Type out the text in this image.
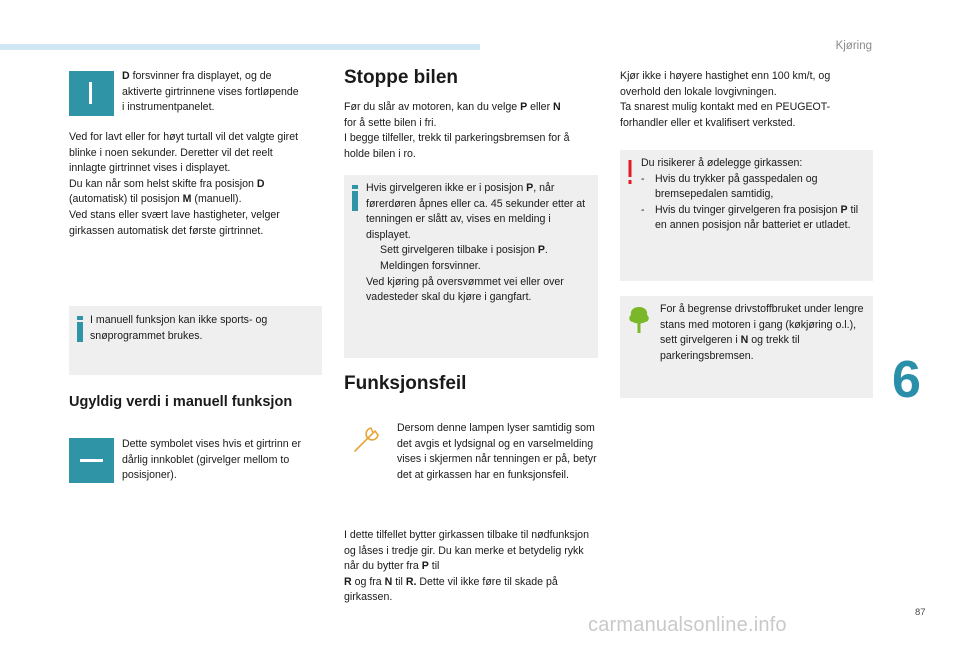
Kjøring
6
87

D forsvinner fra displayet, og de aktiverte girtrinnene vises fortløpende i instrumentpanelet.

Ved for lavt eller for høyt turtall vil det valgte giret blinke i noen sekunder. Deretter vil det reelt innlagte girtrinnet vises i displayet.

Du kan når som helst skifte fra posisjon D
(automatisk) til posisjon M (manuell).

Ved stans eller svært lave hastigheter, velger girkassen automatisk det første girtrinnet.

I manuell funksjon kan ikke sports- og snøprogrammet brukes.

Ugyldig verdi i manuell funksjon

Dette symbolet vises hvis et girtrinn er dårlig innkoblet (girvelger mellom to posisjoner).

Stoppe bilen

Før du slår av motoren, kan du velge P eller N
for å sette bilen i fri.

I begge tilfeller, trekk til parkeringsbremsen for å holde bilen i ro.

Hvis girvelgeren ikke er i posisjon P, når førerdøren åpnes eller ca. 45 sekunder etter at tenningen er slått av, vises en melding i displayet.

Sett girvelgeren tilbake i posisjon P. Meldingen forsvinner.

Ved kjøring på oversvømmet vei eller over vadesteder skal du kjøre i gangfart.

Funksjonsfeil

Dersom denne lampen lyser samtidig som det avgis et lydsignal og en varselmelding vises i skjermen når tenningen er på, betyr det at girkassen har en funksjonsfeil.

I dette tilfellet bytter girkassen tilbake til nødfunksjon og låses i tredje gir. Du kan merke et betydelig rykk når du bytter fra P til
R og fra N til R. Dette vil ikke føre til skade på girkassen.

Kjør ikke i høyere hastighet enn 100 km/t, og overhold den lokale lovgivningen.

Ta snarest mulig kontakt med en PEUGEOT-forhandler eller et kvalifisert verksted.

Du risikerer å ødelegge girkassen:

- Hvis du trykker på gasspedalen og bremsepedalen samtidig,

- Hvis du tvinger girvelgeren fra posisjon P til en annen posisjon når batteriet er utladet.

For å begrense drivstoffbruket under lengre stans med motoren i gang (køkjøring o.l.), sett girvelgeren i N og trekk til parkeringsbremsen.

carmanualsonline.info
